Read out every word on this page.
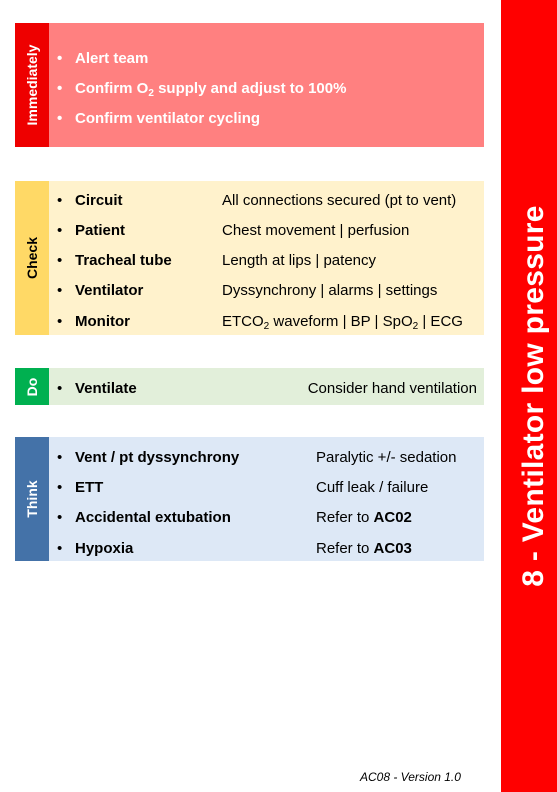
8 - Ventilator low pressure
Immediately • Alert team
• Confirm $O_2$ supply and adjust to 100%
• Confirm ventilator cycling
Check
• Circuit	All connections secured (pt to vent)
• Patient	Chest movement | perfusion
• Tracheal tube	Length at lips | patency
• Ventilator	Dyssynchrony | alarms | settings
• Monitor	$ETCO_2$ waveform | BP | SpO$_2$ | ECG
Do • Ventilate	Consider hand ventilation
Think
• Vent / pt dyssynchrony	Paralytic +/- sedation
• ETT	Cuff leak / failure
• Accidental extubation	Refer to AC02
• Hypoxia	Refer to AC03
AC08 - Version 1.0
